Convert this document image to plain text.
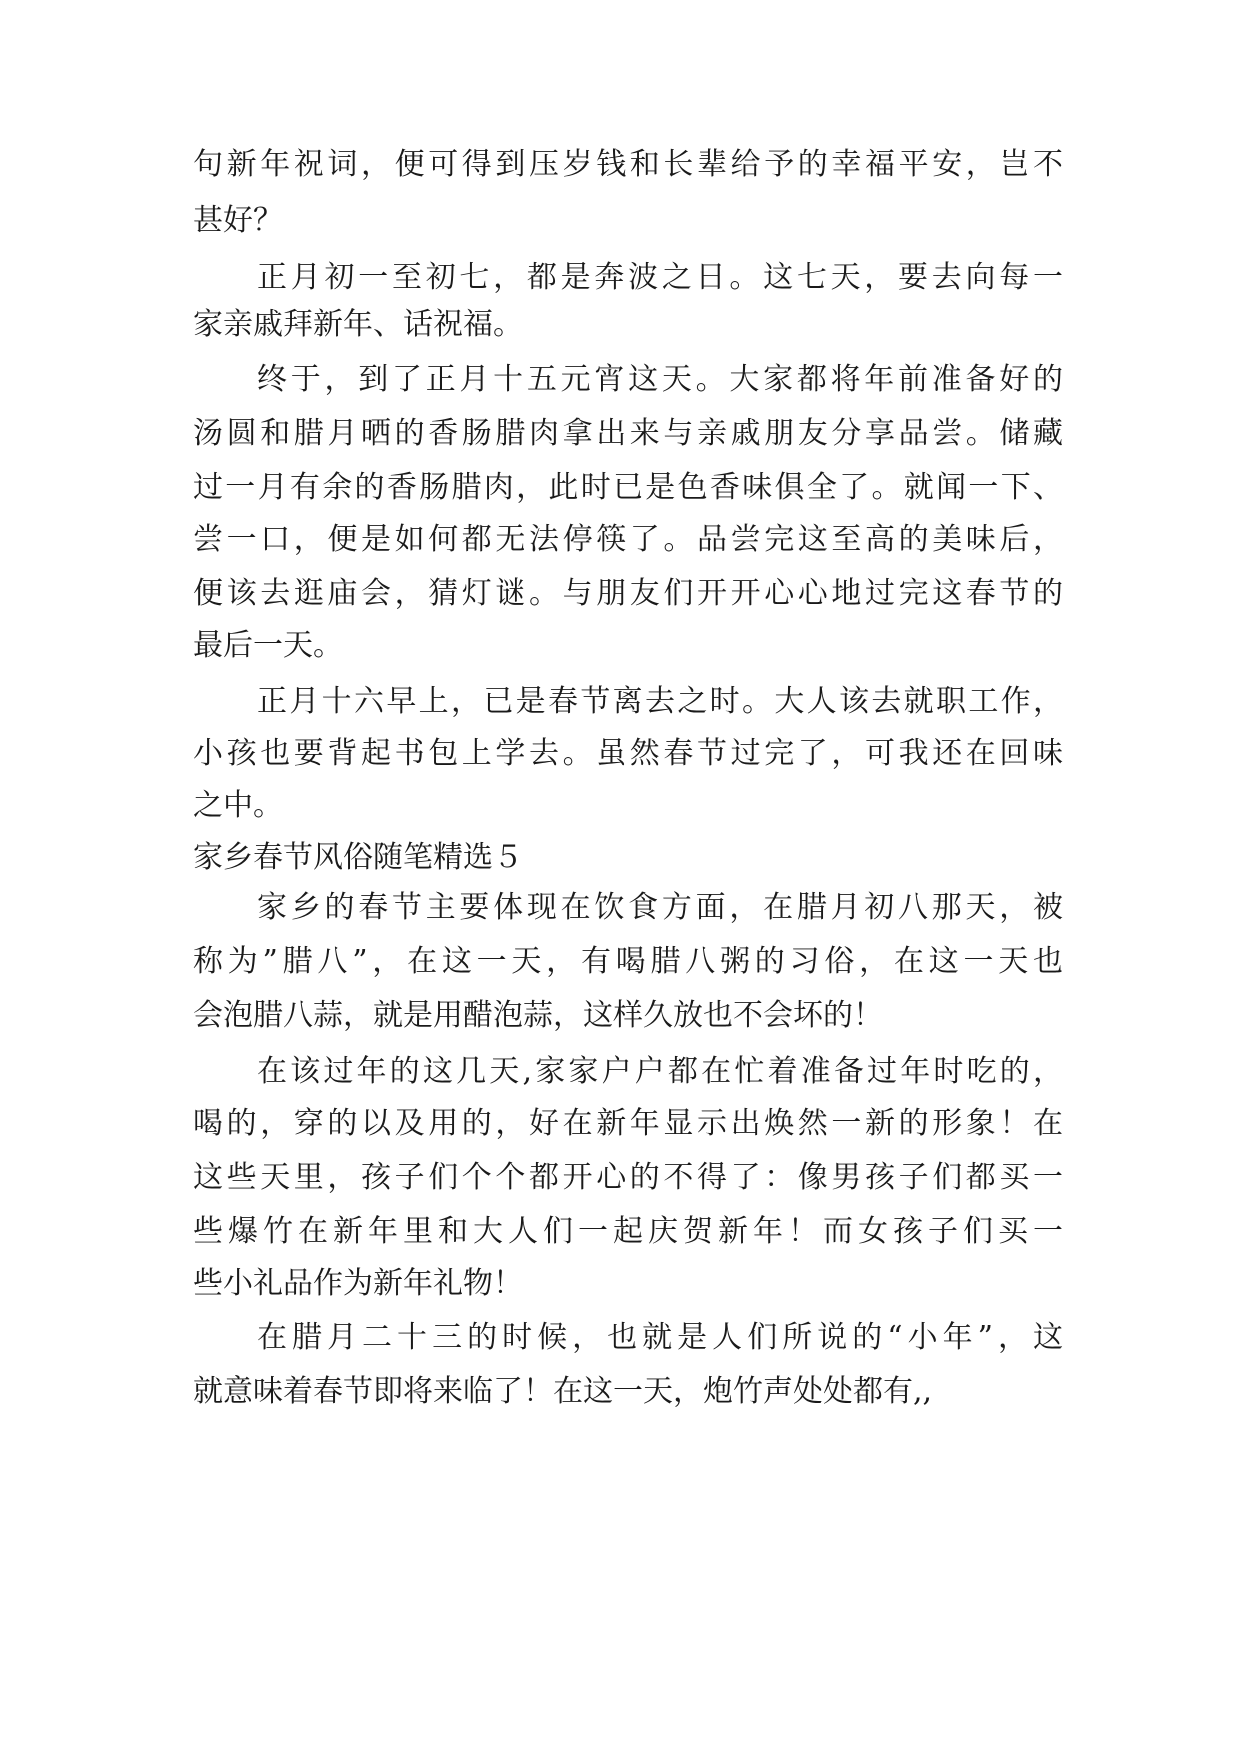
句新年祝词，便可得到压岁钱和长辈给予的幸福平安，岂不
甚好？
正月初一至初七，都是奔波之日。这七天，要去向每一
家亲戚拜新年、话祝福。
终于，到了正月十五元宵这天。大家都将年前准备好的
汤圆和腊月晒的香肠腊肉拿出来与亲戚朋友分享品尝。储藏
过一月有余的香肠腊肉，此时已是色香味俱全了。就闻一下、
尝一口，便是如何都无法停筷了。品尝完这至高的美味后，
便该去逛庙会，猜灯谜。与朋友们开开心心地过完这春节的
最后一天。
正月十六早上，已是春节离去之时。大人该去就职工作，
小孩也要背起书包上学去。虽然春节过完了，可我还在回味
之中。
家乡春节风俗随笔精选５
家乡的春节主要体现在饮食方面，在腊月初八那天，被
称为”腊八”，在这一天，有喝腊八粥的习俗，在这一天也
会泡腊八蒜，就是用醋泡蒜，这样久放也不会坏的！
在该过年的这几天,家家户户都在忙着准备过年时吃的，
喝的，穿的以及用的，好在新年显示出焕然一新的形象！在
这些天里，孩子们个个都开心的不得了：像男孩子们都买一
些爆竹在新年里和大人们一起庆贺新年！而女孩子们买一
些小礼品作为新年礼物！
在腊月二十三的时候，也就是人们所说的“小年”，这
就意味着春节即将来临了！在这一天，炮竹声处处都有,,
